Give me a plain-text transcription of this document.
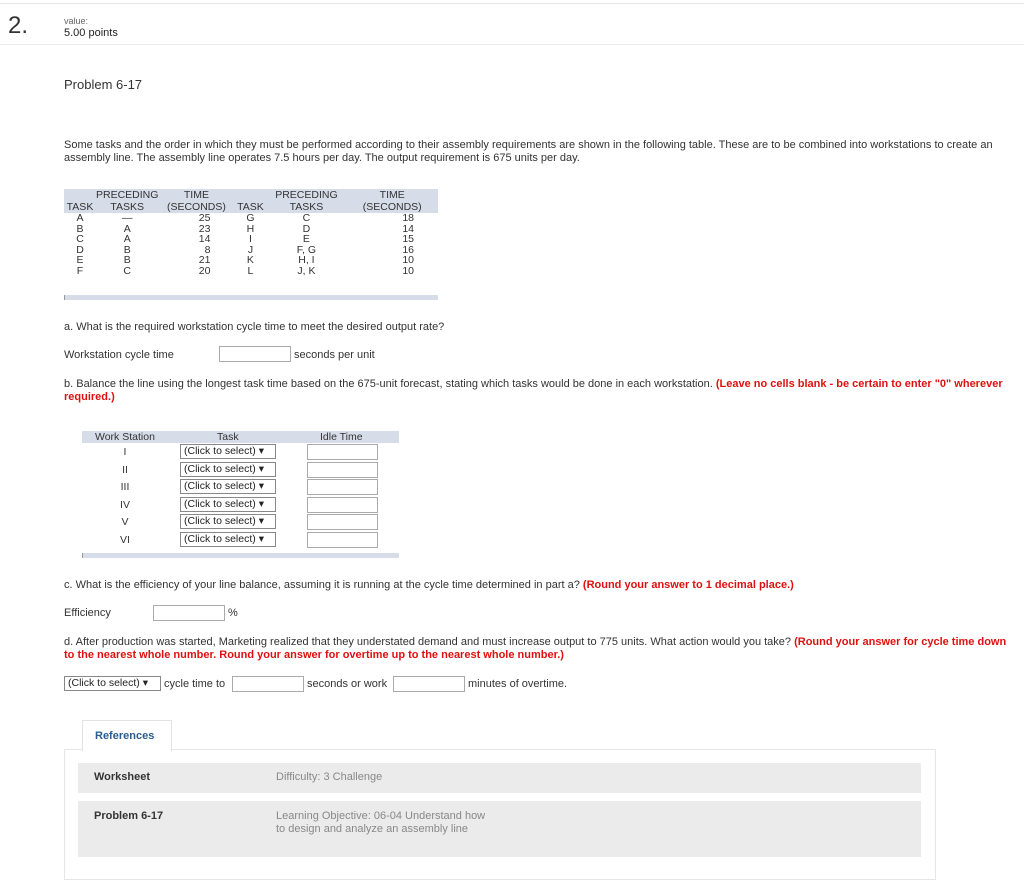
2.	value:
5.00 points
Problem 6-17
Some tasks and the order in which they must be performed according to their assembly requirements are shown in the following table. These are to be combined into workstations to create an assembly line. The assembly line operates 7.5 hours per day. The output requirement is 675 units per day.
	PRECEDING	TIME		PRECEDING	TIME
TASK	TASKS	(SECONDS)	TASK	TASKS	(SECONDS)
A	—	25	G	C	18
B	A	23	H	D	14
C	A	14	I	E	15
D	B	8	J	F, G	16
E	B	21	K	H, I	10
F	C	20	L	J, K	10
a. What is the required workstation cycle time to meet the desired output rate?
Workstation cycle time	seconds per unit
b. Balance the line using the longest task time based on the 675-unit forecast, stating which tasks would be done in each workstation. (Leave no cells blank - be certain to enter "0" wherever required.)
Work Station	Task	Idle Time
I	(Click to select) ▾
II	(Click to select) ▾
III	(Click to select) ▾
IV	(Click to select) ▾
V	(Click to select) ▾
VI	(Click to select) ▾
c. What is the efficiency of your line balance, assuming it is running at the cycle time determined in part a? (Round your answer to 1 decimal place.)
Efficiency	%
d. After production was started, Marketing realized that they understated demand and must increase output to 775 units. What action would you take? (Round your answer for cycle time down to the nearest whole number. Round your answer for overtime up to the nearest whole number.)
(Click to select) ▾	cycle time to	seconds or work	minutes of overtime.
References
Worksheet	Difficulty: 3 Challenge
Problem 6-17	Learning Objective: 06-04 Understand how to design and analyze an assembly line
